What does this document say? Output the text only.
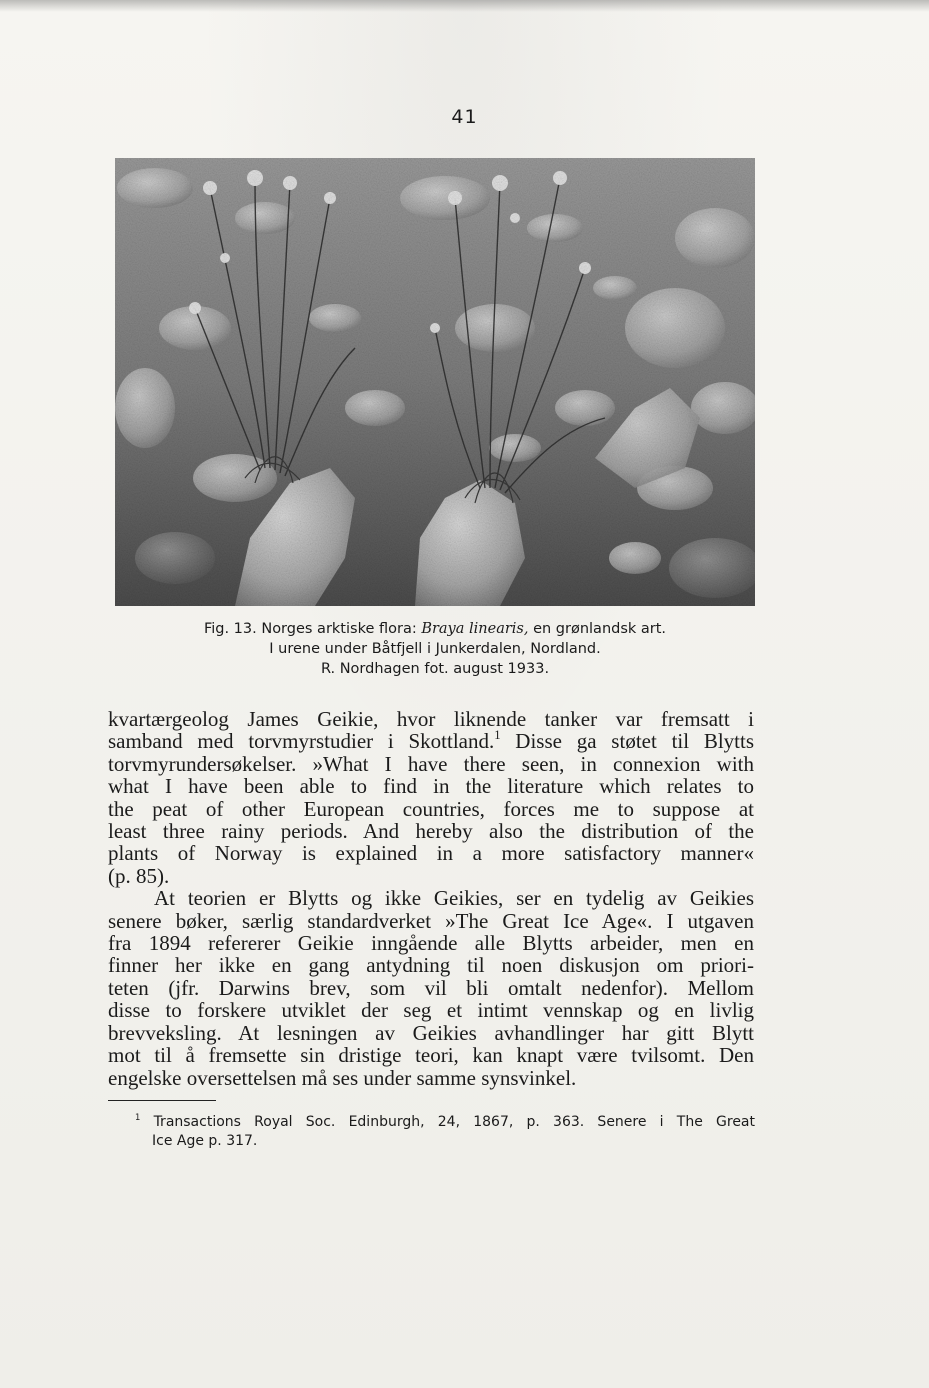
41
Fig. 13. Norges arktiske flora: Braya linearis, en grønlandsk art.
I urene under Båtfjell i Junkerdalen, Nordland.
R. Nordhagen fot. august 1933.
kvartærgeolog James Geikie, hvor liknende tanker var fremsatt i
samband med torvmyrstudier i Skottland.$^1$ Disse ga støtet til Blytts
torvmyrundersøkelser. »What I have there seen, in connexion with
what I have been able to find in the literature which relates to
the peat of other European countries, forces me to suppose at
least three rainy periods. And hereby also the distribution of the
plants of Norway is explained in a more satisfactory manner«
(p. 85).
At teorien er Blytts og ikke Geikies, ser en tydelig av Geikies
senere bøker, særlig standardverket »The Great Ice Age«. I utgaven
fra 1894 refererer Geikie inngående alle Blytts arbeider, men en
finner her ikke en gang antydning til noen diskusjon om priori-
teten (jfr. Darwins brev, som vil bli omtalt nedenfor). Mellom
disse to forskere utviklet der seg et intimt vennskap og en livlig
brevveksling. At lesningen av Geikies avhandlinger har gitt Blytt
mot til å fremsette sin dristige teori, kan knapt være tvilsomt. Den
engelske oversettelsen må ses under samme synsvinkel.
$^1$ Transactions Royal Soc. Edinburgh, 24, 1867, p. 363. Senere i The Great
Ice Age p. 317.
